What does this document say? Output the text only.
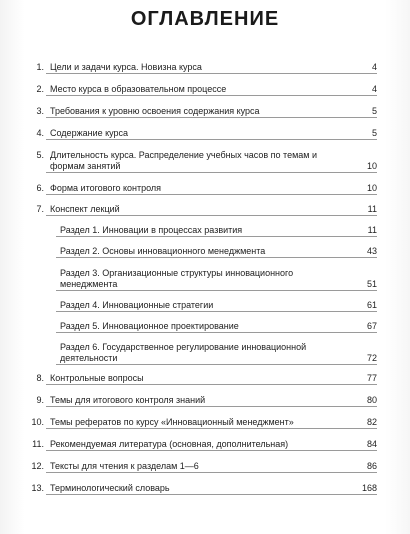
ОГЛАВЛЕНИЕ
1. Цели и задачи курса. Новизна курса	4
2. Место курса в образовательном процессе	4
3. Требования к уровню освоения содержания курса	5
4. Содержание курса	5
5. Длительность курса. Распределение учебных часов по темам и формам занятий	10
6. Форма итогового контроля	10
7. Конспект лекций	11
Раздел 1. Инновации в процессах развития	11
Раздел 2. Основы инновационного менеджмента	43
Раздел 3. Организационные структуры инновационного менеджмента	51
Раздел 4. Инновационные стратегии	61
Раздел 5. Инновационное проектирование	67
Раздел 6. Государственное регулирование инновационной деятельности	72
8. Контрольные вопросы	77
9. Темы для итогового контроля знаний	80
10. Темы рефератов по курсу «Инновационный менеджмент»	82
11. Рекомендуемая литература (основная, дополнительная)	84
12. Тексты для чтения к разделам 1—6	86
13. Терминологический словарь	168
